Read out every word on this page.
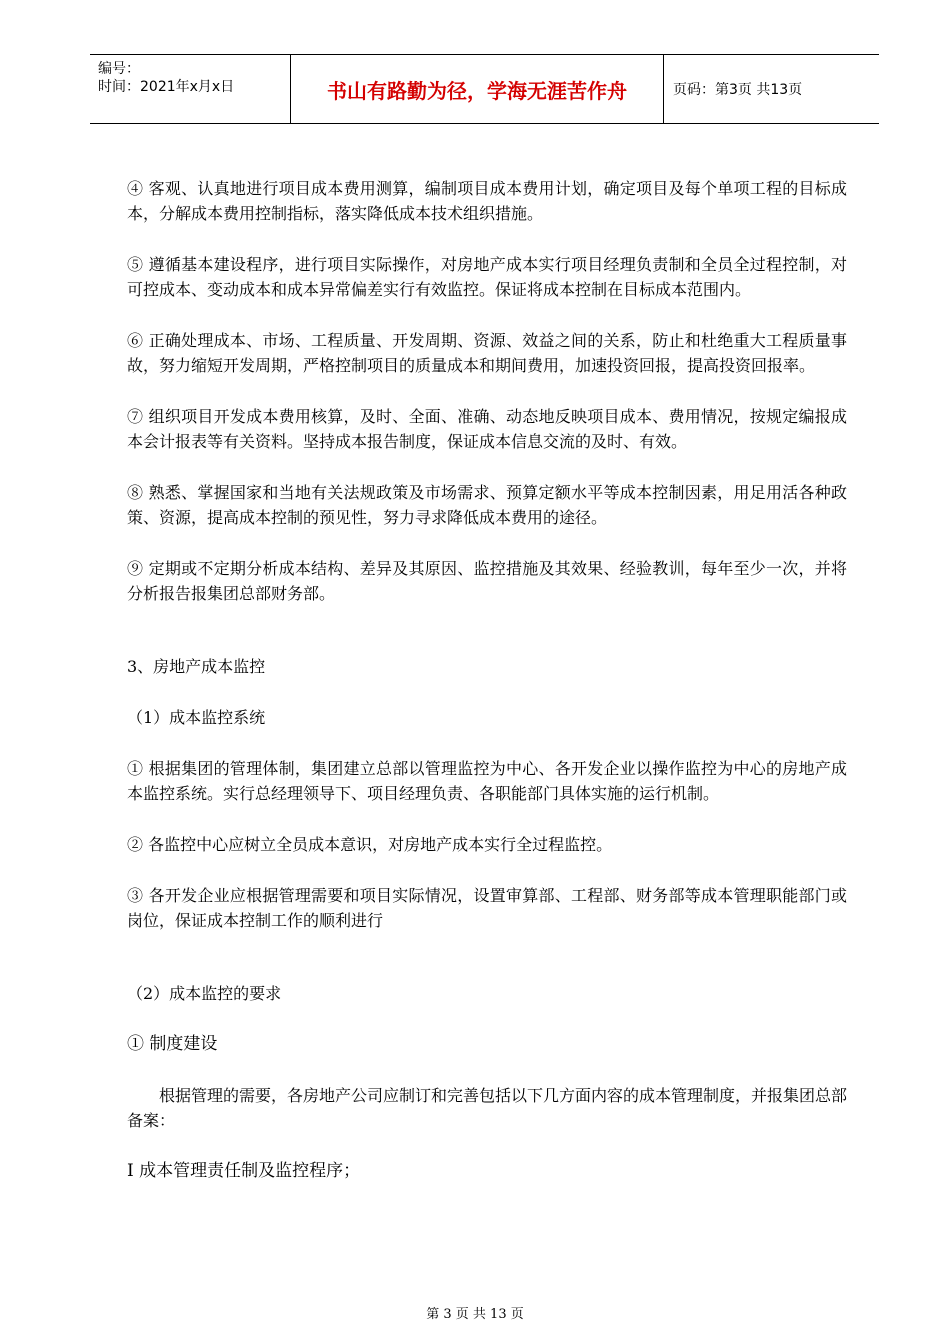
编号：
时间：2021年x月x日	书山有路勤为径，学海无涯苦作舟	页码：第3页 共13页

④ 客观、认真地进行项目成本费用测算，编制项目成本费用计划，确定项目及每个单项工程的目标成本，分解成本费用控制指标，落实降低成本技术组织措施。

⑤ 遵循基本建设程序，进行项目实际操作，对房地产成本实行项目经理负责制和全员全过程控制，对可控成本、变动成本和成本异常偏差实行有效监控。保证将成本控制在目标成本范围内。

⑥ 正确处理成本、市场、工程质量、开发周期、资源、效益之间的关系，防止和杜绝重大工程质量事故，努力缩短开发周期，严格控制项目的质量成本和期间费用，加速投资回报，提高投资回报率。

⑦ 组织项目开发成本费用核算，及时、全面、准确、动态地反映项目成本、费用情况，按规定编报成本会计报表等有关资料。坚持成本报告制度，保证成本信息交流的及时、有效。

⑧ 熟悉、掌握国家和当地有关法规政策及市场需求、预算定额水平等成本控制因素，用足用活各种政策、资源，提高成本控制的预见性，努力寻求降低成本费用的途径。

⑨ 定期或不定期分析成本结构、差异及其原因、监控措施及其效果、经验教训，每年至少一次，并将分析报告报集团总部财务部。

3、房地产成本监控

（1）成本监控系统

① 根据集团的管理体制，集团建立总部以管理监控为中心、各开发企业以操作监控为中心的房地产成本监控系统。实行总经理领导下、项目经理负责、各职能部门具体实施的运行机制。

② 各监控中心应树立全员成本意识，对房地产成本实行全过程监控。

③ 各开发企业应根据管理需要和项目实际情况，设置审算部、工程部、财务部等成本管理职能部门或岗位，保证成本控制工作的顺利进行

（2）成本监控的要求

① 制度建设

根据管理的需要，各房地产公司应制订和完善包括以下几方面内容的成本管理制度，并报集团总部备案：

Ⅰ 成本管理责任制及监控程序；

第 3 页 共 13 页
